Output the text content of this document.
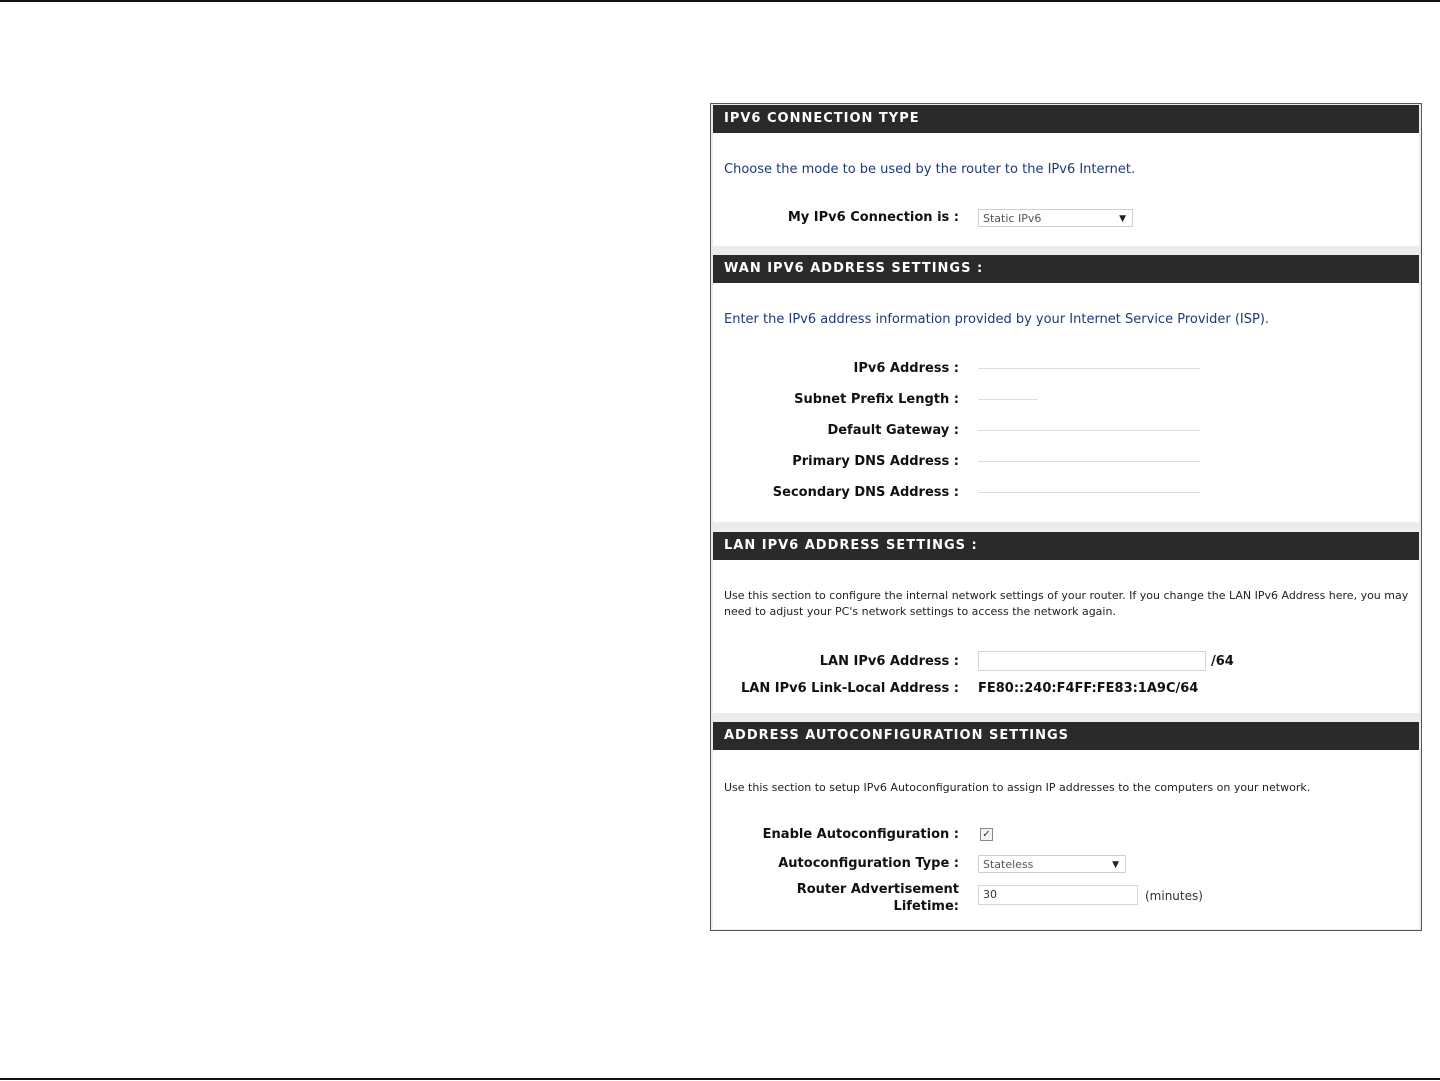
IPV6 CONNECTION TYPE
Choose the mode to be used by the router to the IPv6 Internet.
My IPv6 Connection is :	Static IPv6	▼
WAN IPV6 ADDRESS SETTINGS :
Enter the IPv6 address information provided by your Internet Service Provider (ISP).
IPv6 Address :
Subnet Prefix Length :
Default Gateway :
Primary DNS Address :
Secondary DNS Address :
LAN IPV6 ADDRESS SETTINGS :
Use this section to configure the internal network settings of your router. If you change the LAN IPv6 Address here, you may need to adjust your PC's network settings to access the network again.
LAN IPv6 Address :	/64
LAN IPv6 Link-Local Address : FE80::240:F4FF:FE83:1A9C/64
ADDRESS AUTOCONFIGURATION SETTINGS
Use this section to setup IPv6 Autoconfiguration to assign IP addresses to the computers on your network.
Enable Autoconfiguration : ✓
Autoconfiguration Type :	Stateless	▼
Router Advertisement
Lifetime:
30	(minutes)
